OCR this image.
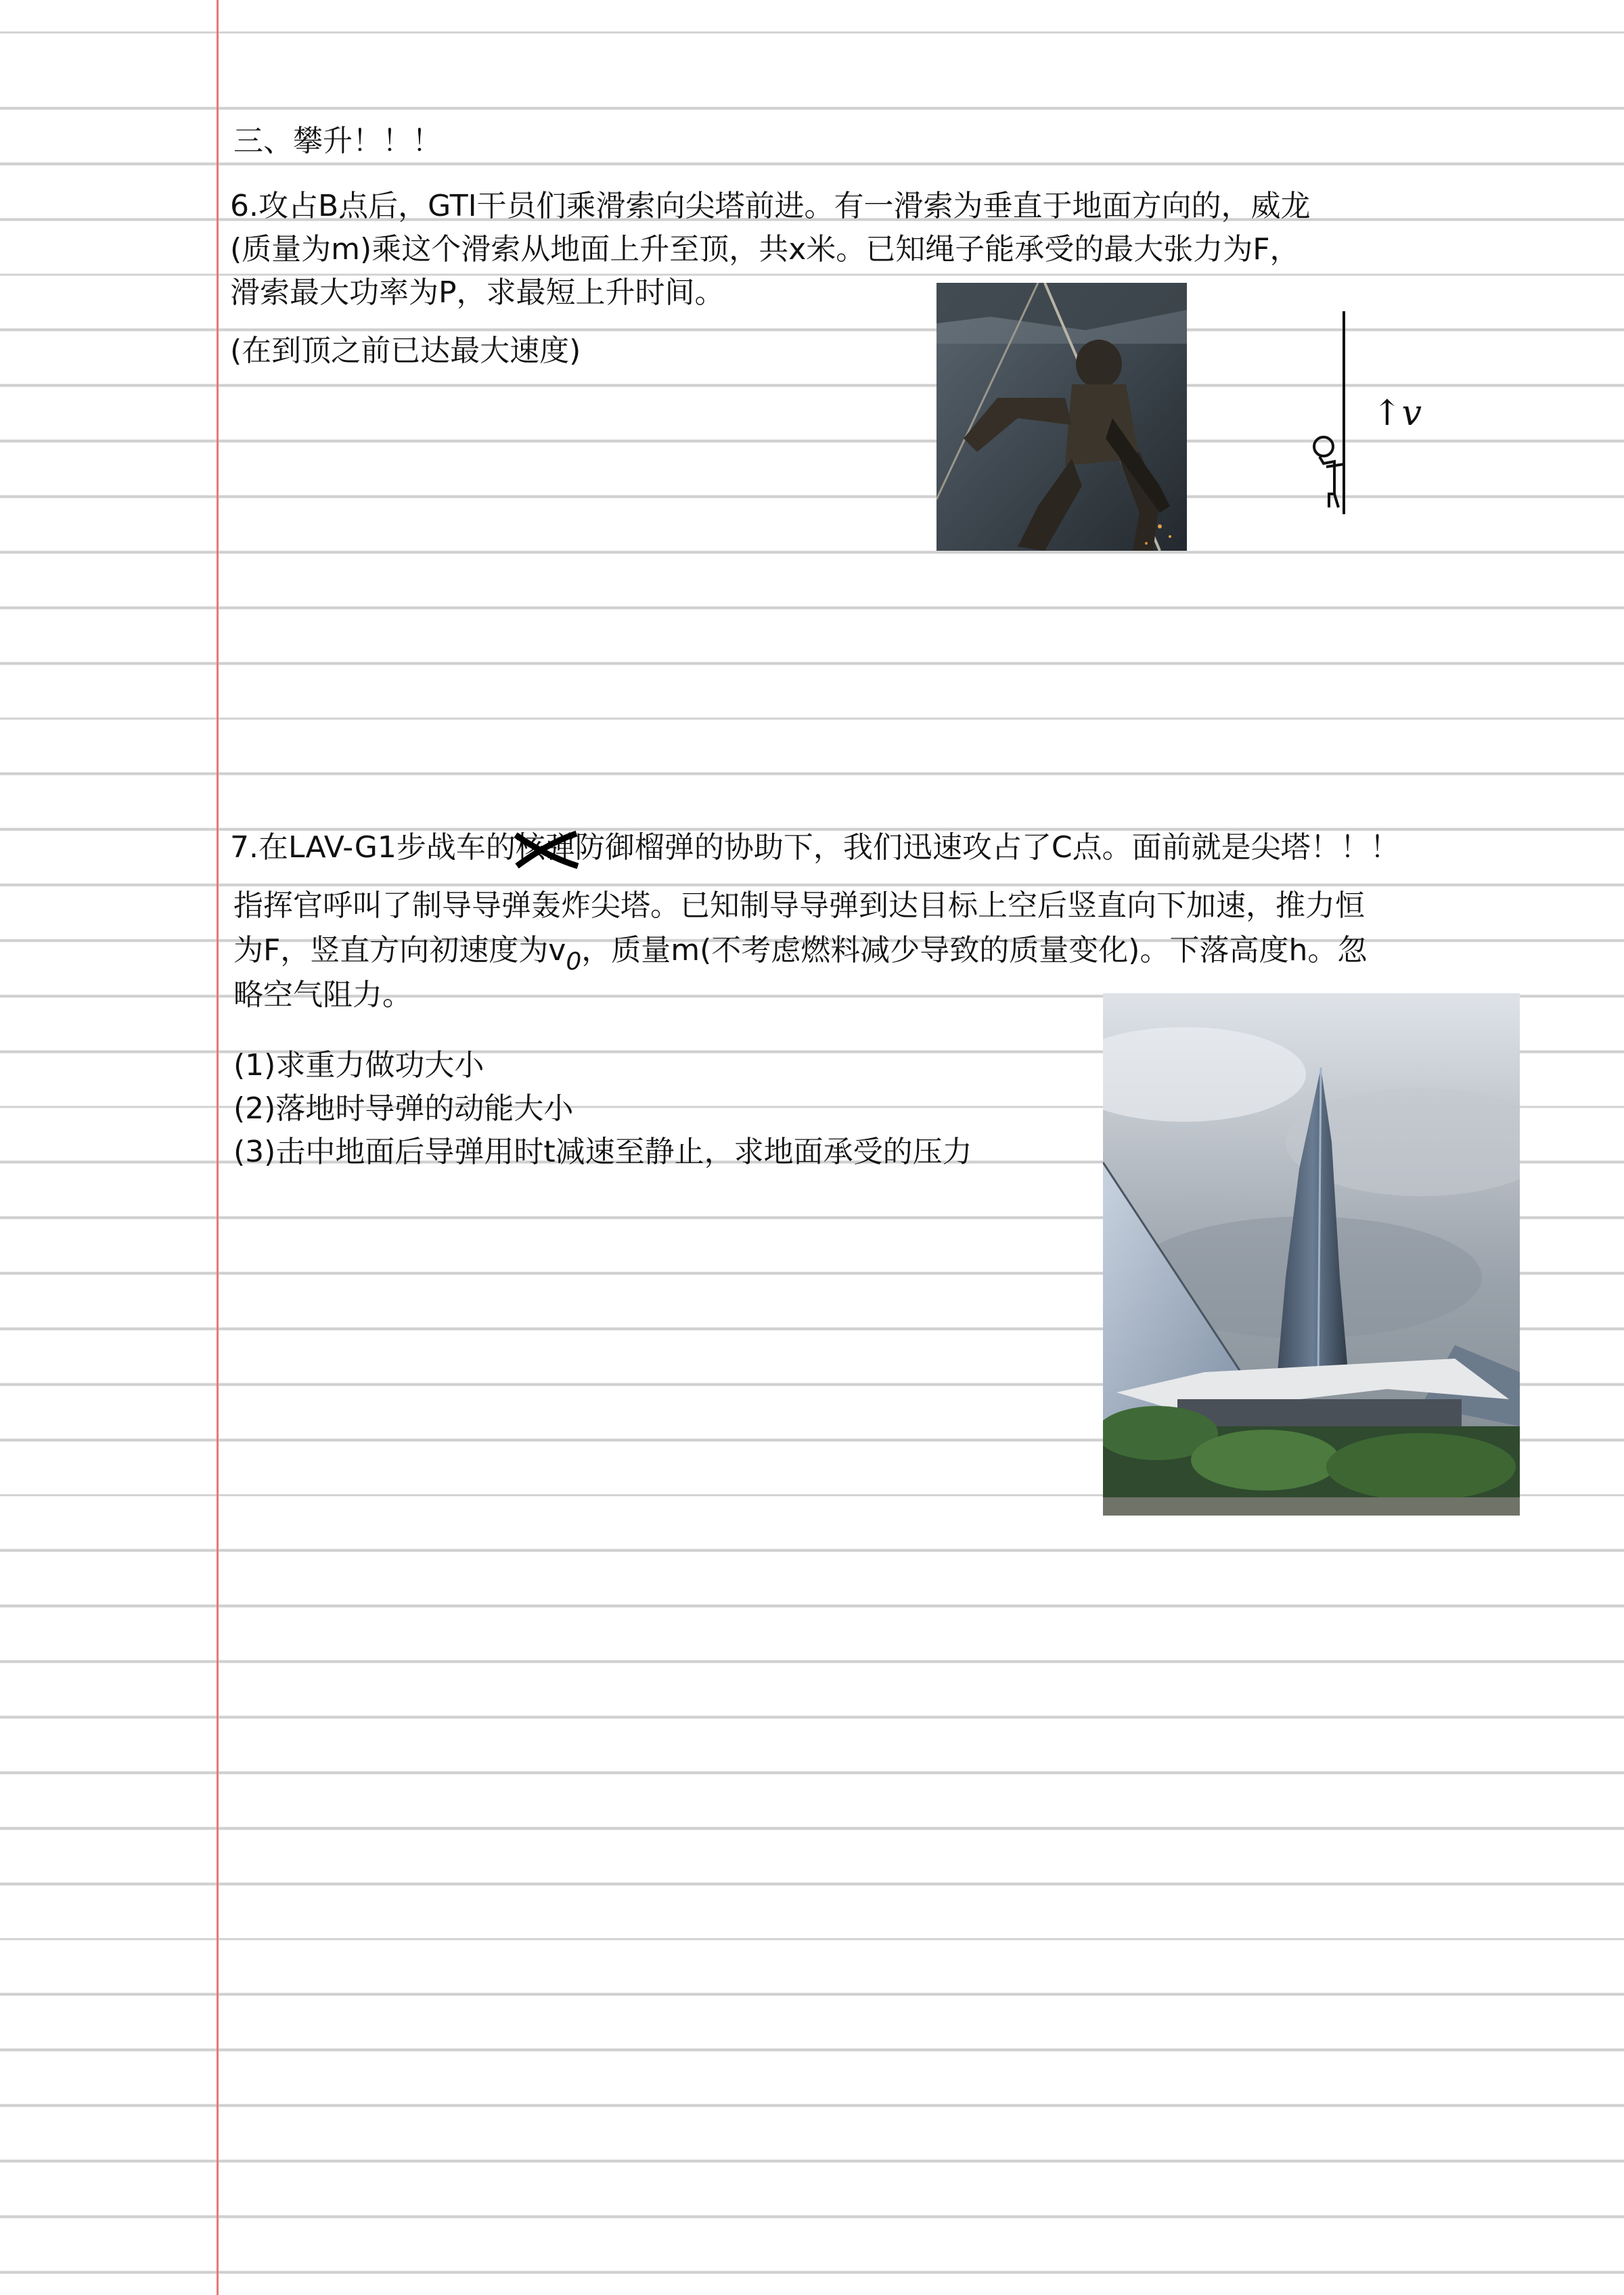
三、攀升！！！
6.攻占B点后，GTI干员们乘滑索向尖塔前进。有一滑索为垂直于地面方向的，威龙
(质量为m)乘这个滑索从地面上升至顶，共x米。已知绳子能承受的最大张力为F，
滑索最大功率为P，求最短上升时间。
(在到顶之前已达最大速度)
↑v
7.在LAV-G1步战车的核弹
防御榴弹的协助下，我们迅速攻占了C点。面前就是尖塔！！！
指挥官呼叫了制导导弹轰炸尖塔。已知制导导弹到达目标上空后竖直向下加速，推力恒
为F，竖直方向初速度为$v_0$，质量m(不考虑燃料减少导致的质量变化)。下落高度h。忽
略空气阻力。
(1)求重力做功大小
(2)落地时导弹的动能大小
(3)击中地面后导弹用时t减速至静止，求地面承受的压力
